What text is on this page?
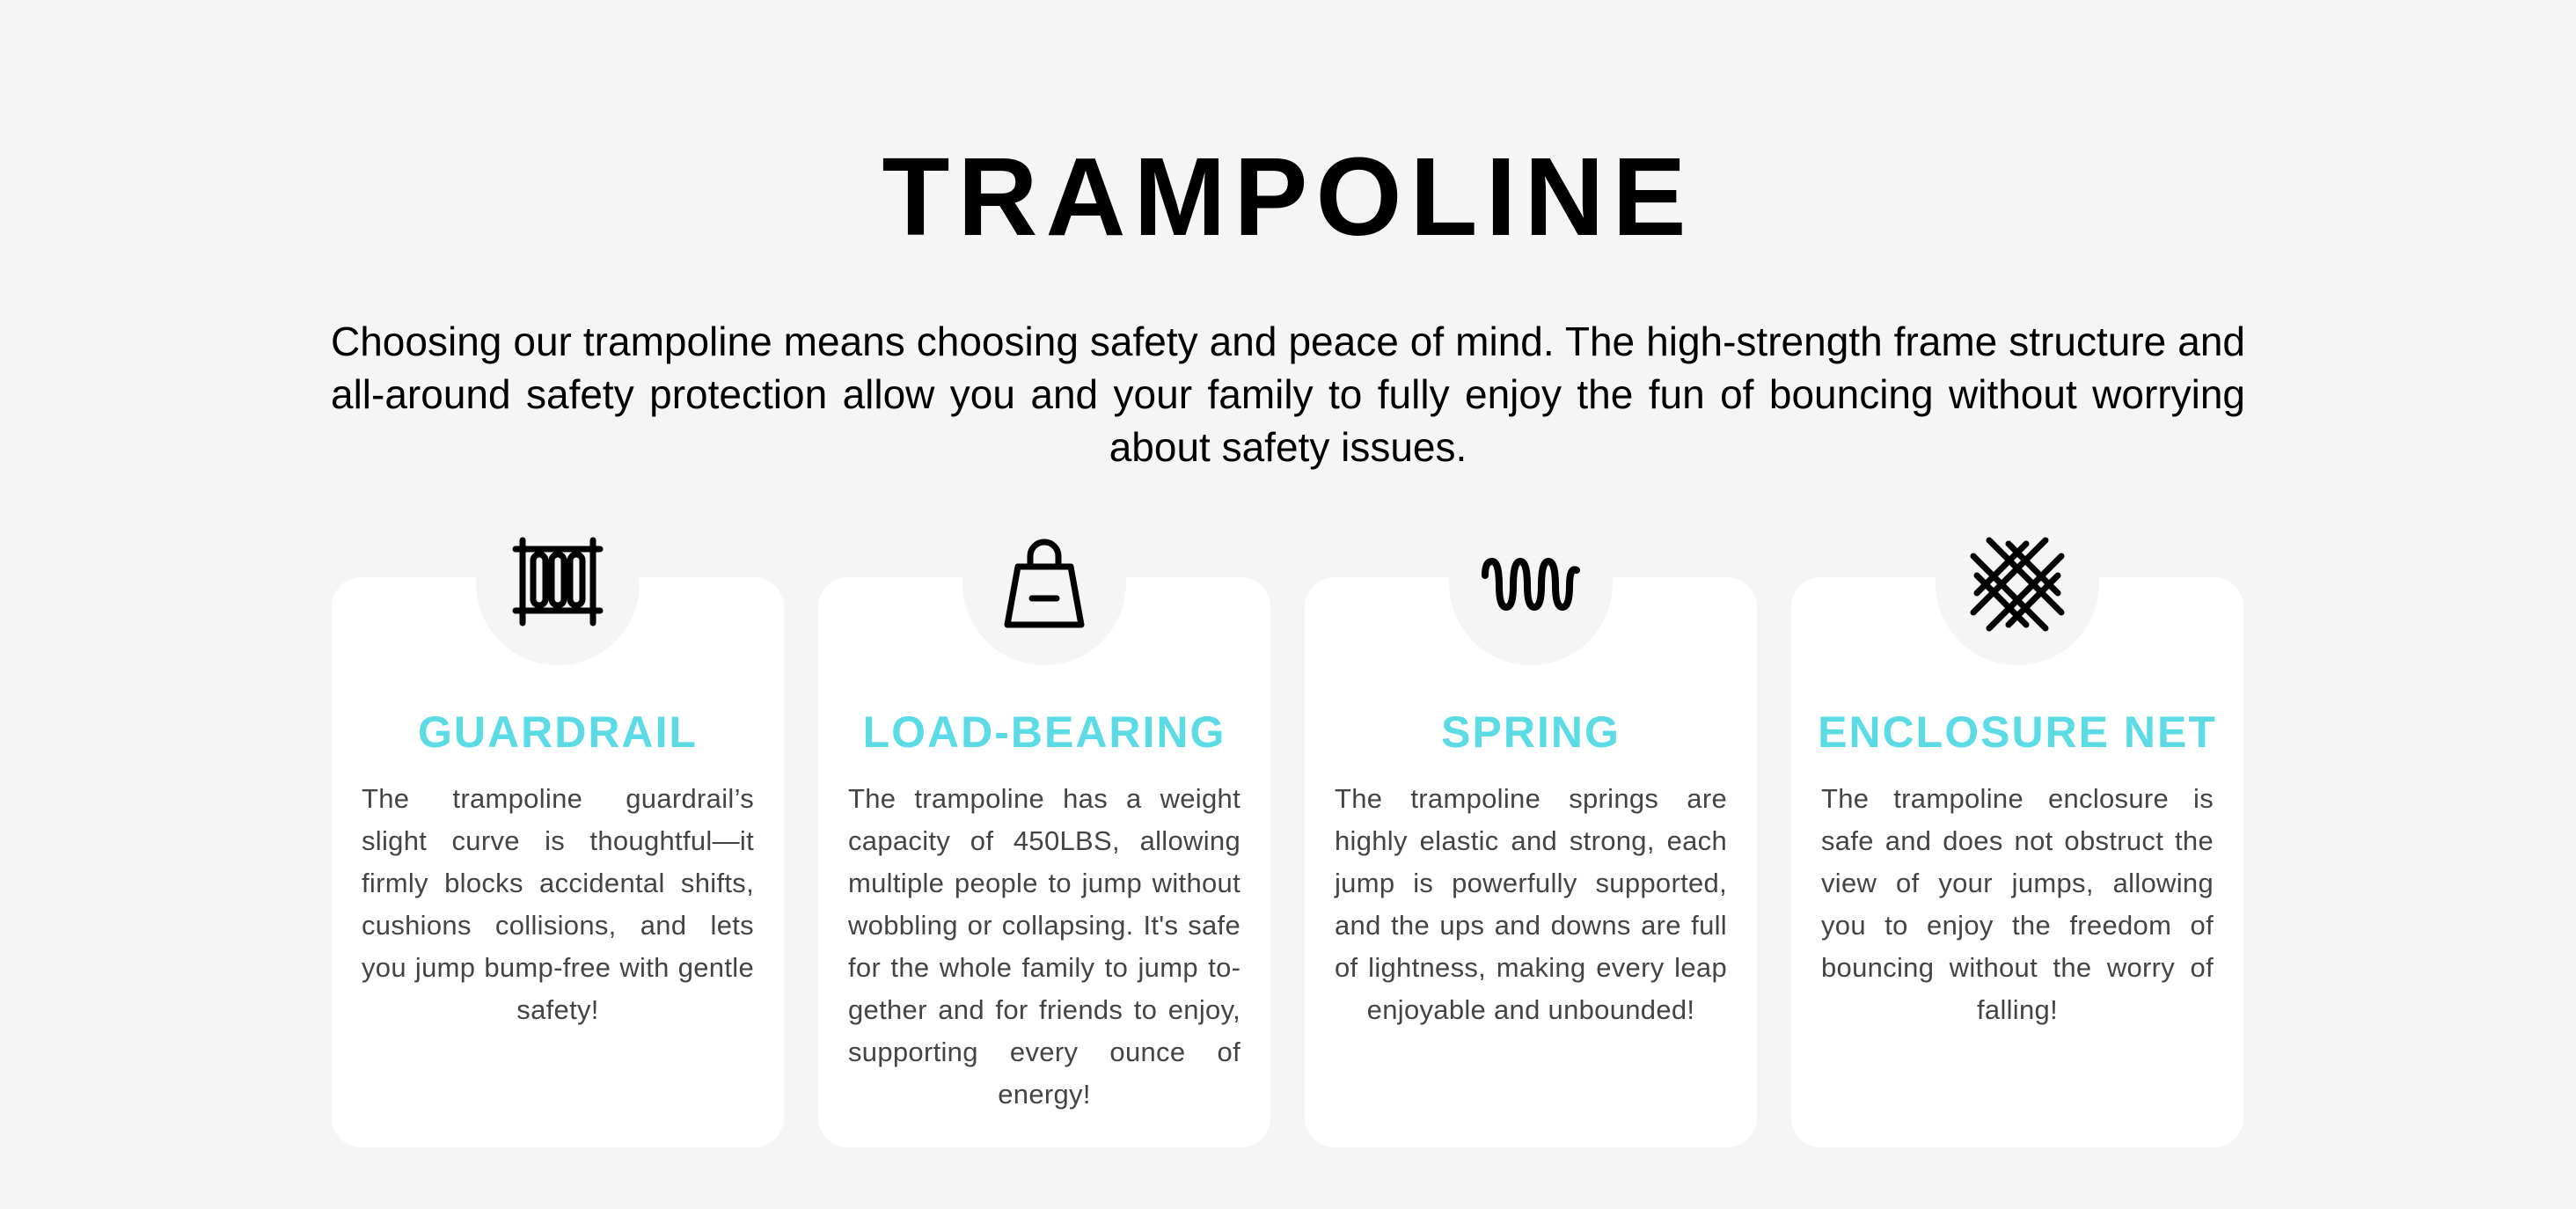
TRAMPOLINE

Choosing our trampoline means choosing safety and peace of mind. The high-strength frame structure and all-around safety protection allow you and your family to fully enjoy the fun of bouncing without worrying about safety issues.

GUARDRAIL

The trampoline guardrail’s slight curve is thoughtful—it firmly blocks accidental shifts, cushions collisions, and lets you jump bump-free with gentle safety!

LOAD-BEARING

The trampoline has a weight capacity of 450LBS, allowing multiple people to jump without wobbling or collapsing. It's safe for the whole family to jump together and for friends to enjoy, supporting every ounce of energy!

SPRING

The trampoline springs are highly elastic and strong, each jump is powerfully supported, and the ups and downs are full of lightness, making every leap enjoyable and unbounded!

ENCLOSURE NET

The trampoline enclosure is safe and does not obstruct the view of your jumps, allowing you to enjoy the freedom of bouncing without the worry of falling!
